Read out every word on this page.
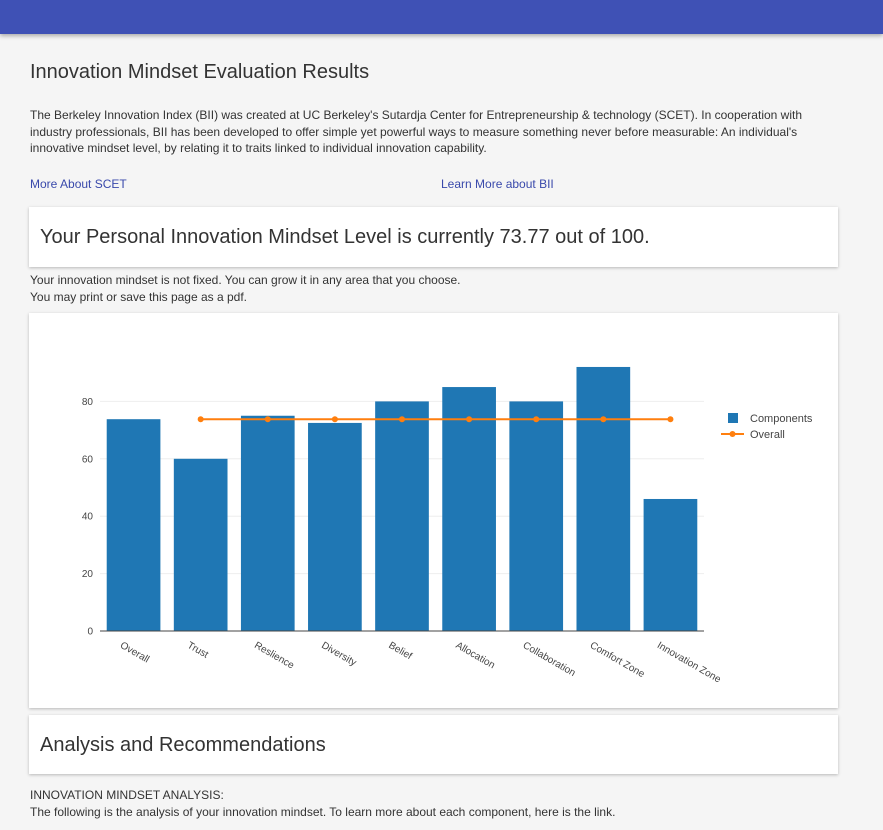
Innovation Mindset Evaluation Results

The Berkeley Innovation Index (BII) was created at UC Berkeley's Sutardja Center for Entrepreneurship & technology (SCET). In cooperation with industry professionals, BII has been developed to offer simple yet powerful ways to measure something never before measurable: An individual's innovative mindset level, by relating it to traits linked to individual innovation capability.

More About SCET	Learn More about BII
Your Personal Innovation Mindset Level is currently 73.77 out of 100.

Your innovation mindset is not fixed. You can grow it in any area that you choose.

You may print or save this page as a pdf.

0
20
40
60
80
Overall	Trust	Reslience Diversity	Belief	Allocation Collaboration Comfort Zone Innovation Zone
Components
Overall
Analysis and Recommendations

INNOVATION MINDSET ANALYSIS:

The following is the analysis of your innovation mindset. To learn more about each component, here is the link.
